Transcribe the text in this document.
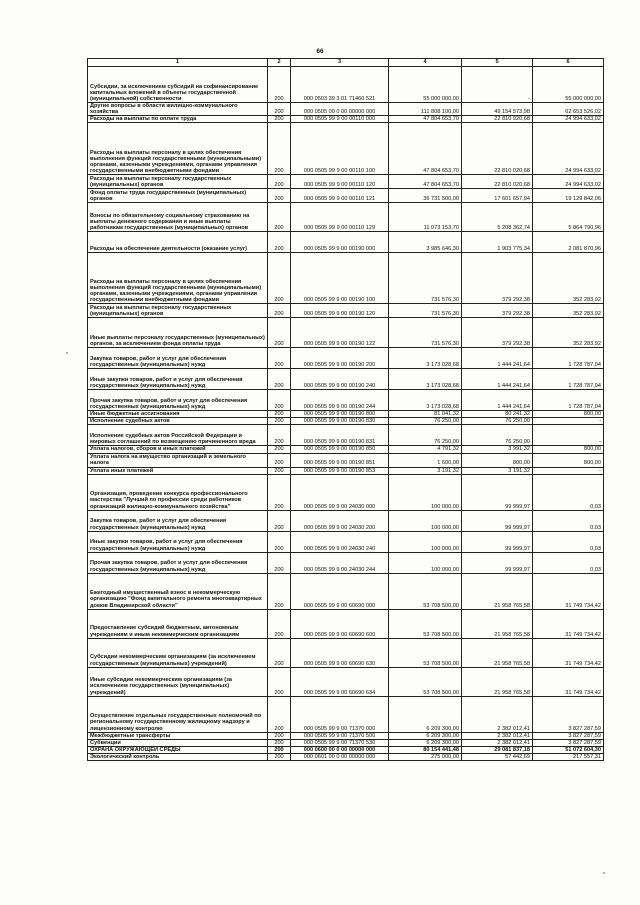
66
1	2	3	4	5	6
Субсидии, за исключением субсидий на софинансирование капитальных вложений в объекты государственной (муниципальной) собственности	200	000 0503 39 3 01 71460 521	55 000 000,00	-	55 000 000,00
Другие вопросы в области жилищно-коммунального хозяйства	200	000 0505 00 0 00 00000 000	111 808 100,00	49 154 573,98	62 653 526,02
Расходы на выплаты по оплате труда	200	000 0505 99 9 00 00110 000	47 804 653,70	22 810 020,68	24 994 633,02
Расходы на выплаты персоналу в целях обеспечения выполнения функций государственными (муниципальными) органами, казенными учреждениями, органами управления государственными внебюджетными фондами	200	000 0505 99 9 00 00110 100	47 804 653,70	22 810 020,68	24 994 633,02
Расходы на выплаты персоналу государственных (муниципальных) органов	200	000 0505 99 9 00 00110 120	47 804 653,70	22 810 020,68	24 994 633,02
Фонд оплаты труда государственных (муниципальных) органов	200	000 0505 99 9 00 00110 121	36 731 500,00	17 601 657,94	19 129 842,06
Взносы по обязательному социальному страхованию на выплаты денежного содержания и иные выплаты работникам государственных (муниципальных) органов	200	000 0505 99 9 00 00110 129	11 073 153,70	5 208 362,74	5 864 790,96
Расходы на обеспечение деятельности (оказание услуг)	200	000 0505 99 9 00 00190 000	3 985 646,30	1 903 775,34	2 081 870,96
Расходы на выплаты персоналу в целях обеспечения выполнения функций государственными (муниципальными) органами, казенными учреждениями, органами управления государственными внебюджетными фондами	200	000 0505 99 9 00 00190 100	731 576,30	379 292,38	352 283,92
Расходы на выплаты персоналу государственных (муниципальных) органов	200	000 0505 99 9 00 00190 120	731 576,30	379 292,38	352 283,92
Иные выплаты персоналу государственных (муниципальных) органов, за исключением фонда оплаты труда	200	000 0505 99 9 00 00190 122	731 576,30	379 292,38	352 283,92
Закупка товаров, работ и услуг для обеспечения государственных (муниципальных) нужд	200	000 0505 99 9 00 00190 200	3 173 028,68	1 444 241,64	1 728 787,04
Иные закупки товаров, работ и услуг для обеспечения государственных (муниципальных) нужд	200	000 0505 99 9 00 00190 240	3 173 028,68	1 444 241,64	1 728 787,04
Прочая закупка товаров, работ и услуг для обеспечения государственных (муниципальных) нужд	200	000 0505 99 9 00 00190 244	3 173 028,68	1 444 241,64	1 728 787,04
Иные бюджетные ассигнования	200	000 0505 99 9 00 00190 800	81 041,32	80 241,32	800,00
Исполнение судебных актов	200	000 0505 99 9 00 00190 830	76 250,00	76 250,00	-
Исполнение судебных актов Российской Федерации и мировых соглашений по возмещению причиненного вреда	200	000 0505 99 9 00 00190 831	76 250,00	76 250,00	-
Уплата налогов, сборов и иных платежей	200	000 0505 99 9 00 00190 850	4 791,32	3 991,32	800,00
Уплата налога на имущество организаций и земельного налога	200	000 0505 99 9 00 00190 851	1 600,00	800,00	800,00
Уплата иных платежей	200	000 0505 99 9 00 00190 853	3 191,32	3 191,32	-
Организация, проведение конкурса профессионального мастерства "Лучший по профессии среди работников организаций жилищно-коммунального хозяйства"	200	000 0505 99 9 00 24030 000	100 000,00	99 999,97	0,03
Закупка товаров, работ и услуг для обеспечения государственных (муниципальных) нужд	200	000 0505 99 9 00 24030 200	100 000,00	99 999,97	0,03
Иные закупки товаров, работ и услуг для обеспечения государственных (муниципальных) нужд	200	000 0505 99 9 00 24030 240	100 000,00	99 999,97	0,03
Прочая закупка товаров, работ и услуг для обеспечения государственных (муниципальных) нужд	200	000 0505 99 9 00 24030 244	100 000,00	99 999,97	0,03
Ежегодный имущественный взнос в некоммерческую организацию "Фонд капитального ремонта многоквартирных домов Владимирской области"	200	000 0505 99 9 00 60690 000	53 708 500,00	21 958 765,58	31 749 734,42
Предоставление субсидий бюджетным, автономным учреждениям и иным некоммерческим организациям	200	000 0505 99 9 00 60690 600	53 708 500,00	21 958 765,58	31 749 734,42
Субсидии некоммерческим организациям (за исключением государственных (муниципальных) учреждений)	200	000 0505 99 9 00 60690 630	53 708 500,00	21 958 765,58	31 749 734,42
Иные субсидии некоммерческим организациям (за исключением государственных (муниципальных) учреждений)	200	000 0505 99 9 00 60690 634	53 708 500,00	21 958 765,58	31 749 734,42
Осуществление отдельных государственных полномочий по региональному государственному жилищному надзору и лицензионному контролю	200	000 0505 99 9 00 71370 000	6 209 300,00	2 382 012,41	3 827 287,59
Межбюджетные трансферты	200	000 0505 99 9 00 71370 500	6 209 300,00	2 382 012,41	3 827 287,59
Субвенции	200	000 0505 99 9 00 71370 530	6 209 300,00	2 382 012,41	3 827 287,59
ОХРАНА ОКРУЖАЮЩЕЙ СРЕДЫ	200	000 0600 00 0 00 00000 000	80 154 441,48	29 081 837,18	51 072 604,30
Экологический контроль	200	000 0601 00 0 00 00000 000	275 000,00	57 442,69	217 557,31
